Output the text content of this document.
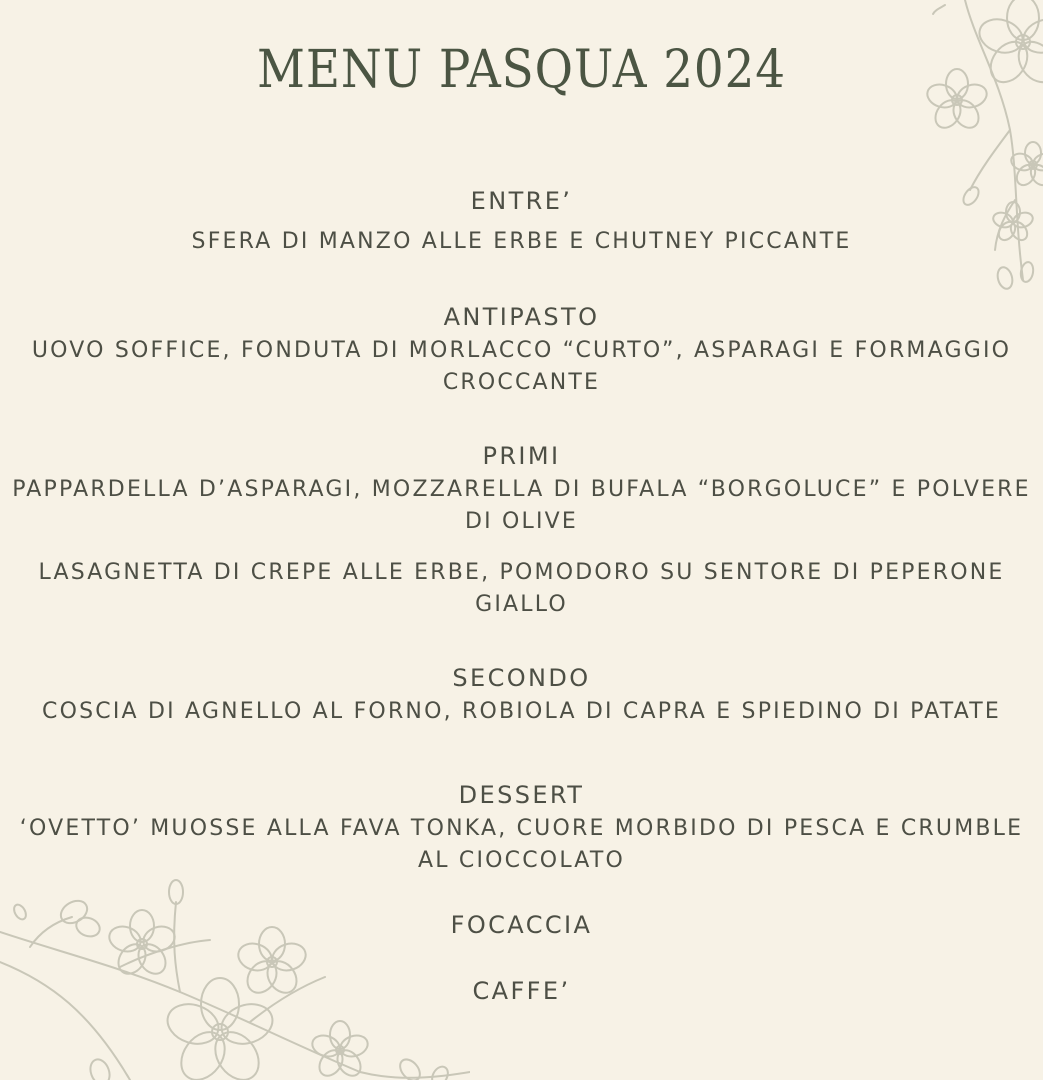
MENU PASQUA 2024
ENTRE’
SFERA DI MANZO ALLE ERBE E CHUTNEY PICCANTE
ANTIPASTO
UOVO SOFFICE, FONDUTA DI MORLACCO “CURTO”, ASPARAGI E FORMAGGIO
CROCCANTE
PRIMI
PAPPARDELLA D’ASPARAGI, MOZZARELLA DI BUFALA “BORGOLUCE” E POLVERE
DI OLIVE
LASAGNETTA DI CREPE ALLE ERBE, POMODORO SU SENTORE DI PEPERONE
GIALLO
SECONDO
COSCIA DI AGNELLO AL FORNO, ROBIOLA DI CAPRA E SPIEDINO DI PATATE
DESSERT
‘OVETTO’ MUOSSE ALLA FAVA TONKA, CUORE MORBIDO DI PESCA E CRUMBLE
AL CIOCCOLATO
FOCACCIA
CAFFE’
